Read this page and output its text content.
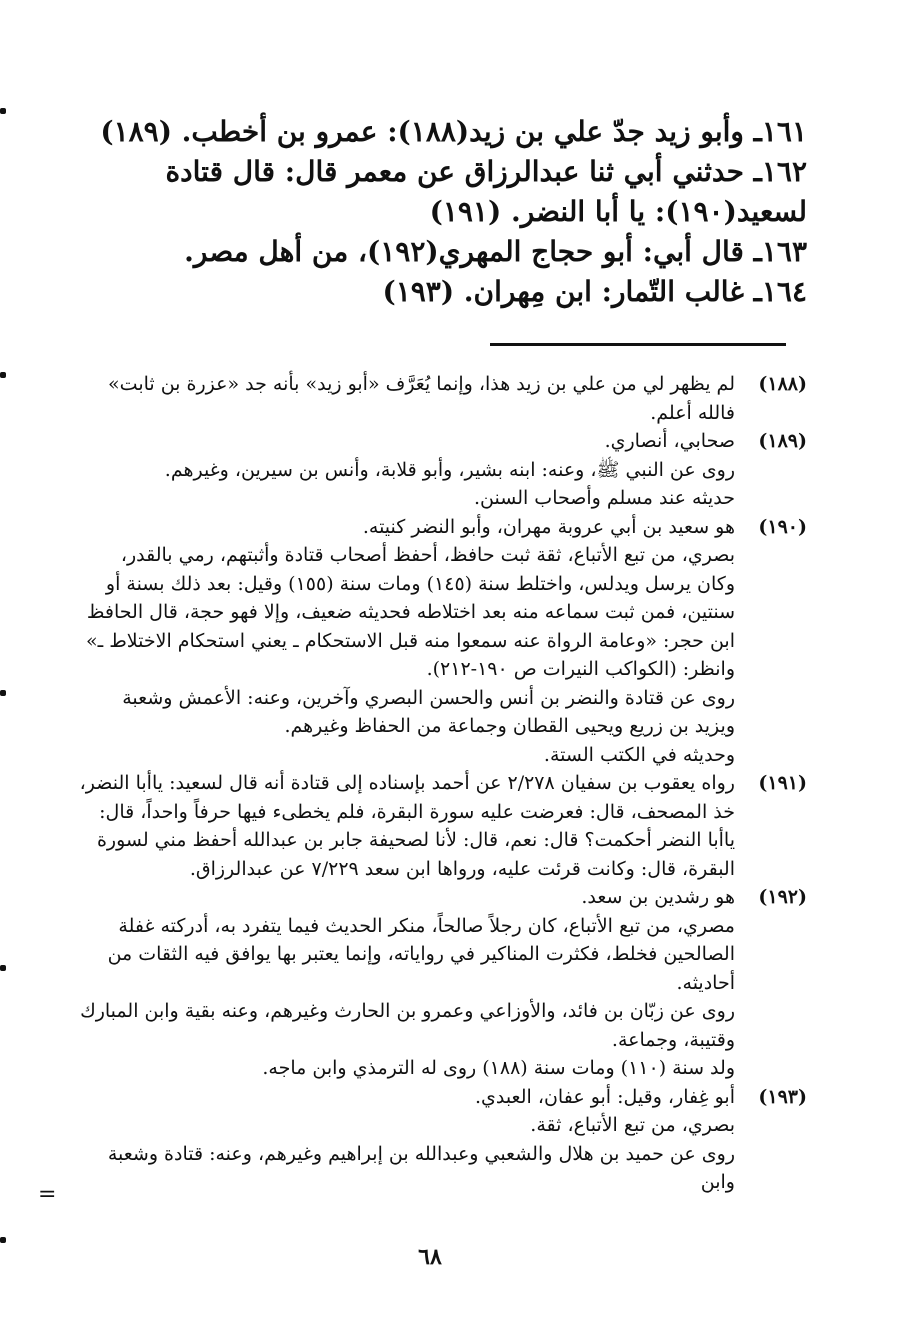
١٦١ـ وأبو زيد جدّ علي بن زيد(١٨٨): عمرو بن أخطب. (١٨٩)

١٦٢ـ حدثني أبي ثنا عبدالرزاق عن معمر قال: قال قتادة لسعيد(١٩٠): يا أبا النضر. (١٩١)

١٦٣ـ قال أبي: أبو حجاج المهري(١٩٢)، من أهل مصر.

١٦٤ـ غالب التّمار: ابن مِهران. (١٩٣)

(١٨٨)

لم يظهر لي من علي بن زيد هذا، وإنما يُعَرَّف «أبو زيد» بأنه جد «عزرة بن ثابت» فالله أعلم.

(١٨٩)

صحابي، أنصاري.

روى عن النبي ﷺ، وعنه: ابنه بشير، وأبو قلابة، وأنس بن سيرين، وغيرهم.

حديثه عند مسلم وأصحاب السنن.

(١٩٠)

هو سعيد بن أبي عروبة مهران، وأبو النضر كنيته.

بصري، من تبع الأتباع، ثقة ثبت حافظ، أحفظ أصحاب قتادة وأثبتهم، رمي بالقدر، وكان يرسل ويدلس، واختلط سنة (١٤٥) ومات سنة (١٥٥) وقيل: بعد ذلك بسنة أو سنتين، فمن ثبت سماعه منه بعد اختلاطه فحديثه ضعيف، وإلا فهو حجة، قال الحافظ ابن حجر: «وعامة الرواة عنه سمعوا منه قبل الاستحكام ـ يعني استحكام الاختلاط ـ» وانظر: (الكواكب النيرات ص ١٩٠-٢١٢).

روى عن قتادة والنضر بن أنس والحسن البصري وآخرين، وعنه: الأعمش وشعبة ويزيد بن زريع ويحيى القطان وجماعة من الحفاظ وغيرهم.

وحديثه في الكتب الستة.

(١٩١)

رواه يعقوب بن سفيان ٢/٢٧٨ عن أحمد بإسناده إلى قتادة أنه قال لسعيد: ياأبا النضر، خذ المصحف، قال: فعرضت عليه سورة البقرة، فلم يخطىء فيها حرفاً واحداً، قال: ياأبا النضر أحكمت؟ قال: نعم، قال: لأنا لصحيفة جابر بن عبدالله أحفظ مني لسورة البقرة، قال: وكانت قرئت عليه، ورواها ابن سعد ٧/٢٢٩ عن عبدالرزاق.

(١٩٢)

هو رشدين بن سعد.

مصري، من تبع الأتباع، كان رجلاً صالحاً، منكر الحديث فيما يتفرد به، أدركته غفلة الصالحين فخلط، فكثرت المناكير في رواياته، وإنما يعتبر بها يوافق فيه الثقات من أحاديثه.

روى عن زبّان بن فائد، والأوزاعي وعمرو بن الحارث وغيرهم، وعنه بقية وابن المبارك وقتيبة، وجماعة.

ولد سنة (١١٠) ومات سنة (١٨٨) روى له الترمذي وابن ماجه.

(١٩٣)

أبو غِفار، وقيل: أبو عفان، العبدي.

بصري، من تبع الأتباع، ثقة.

روى عن حميد بن هلال والشعبي وعبدالله بن إبراهيم وغيرهم، وعنه: قتادة وشعبة وابن

=
٦٨
